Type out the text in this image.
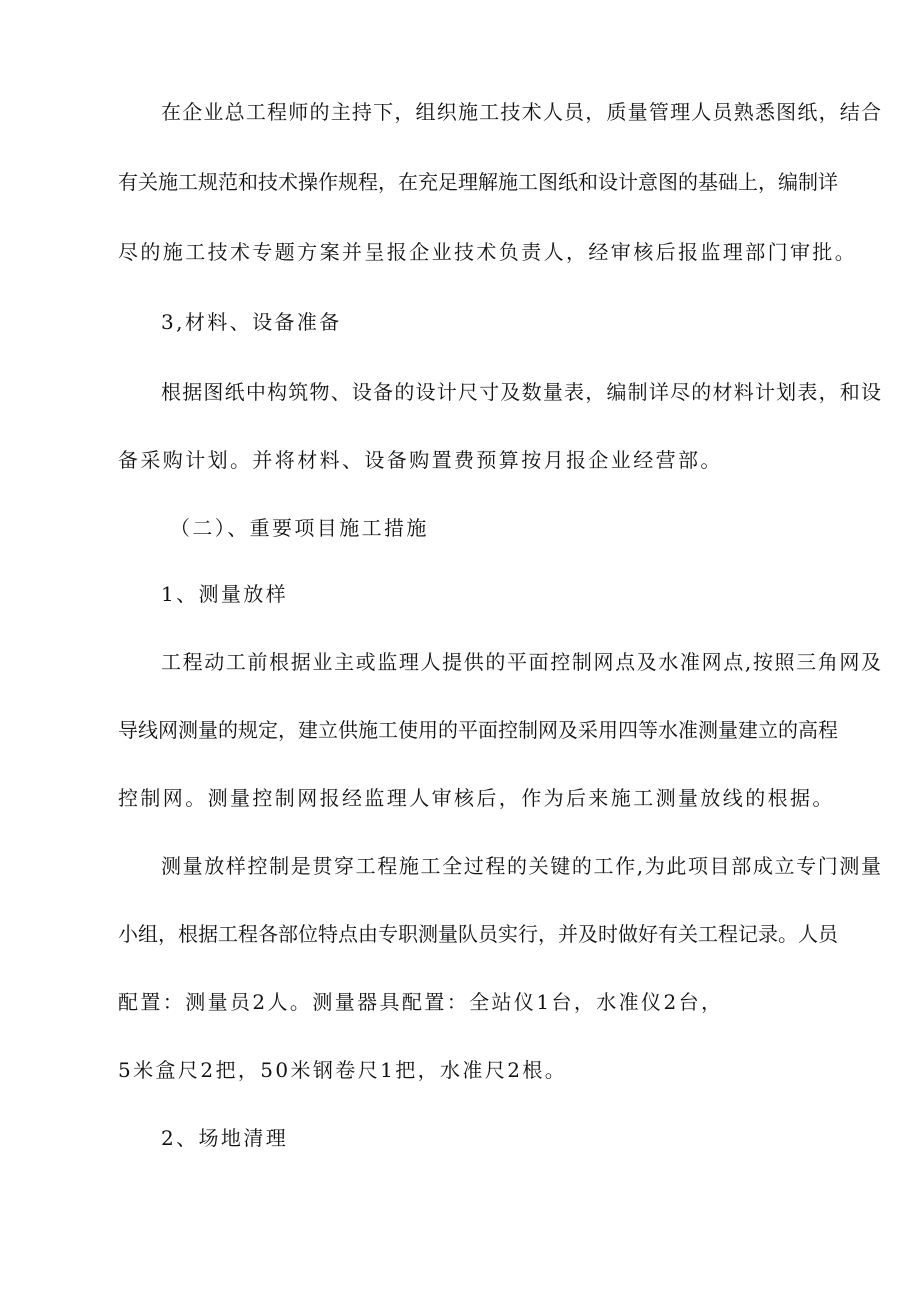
在企业总工程师的主持下，组织施工技术人员，质量管理人员熟悉图纸，结合
有关施工规范和技术操作规程，在充足理解施工图纸和设计意图的基础上，编制详
尽的施工技术专题方案并呈报企业技术负责人，经审核后报监理部门审批。
3,材料、设备准备
根据图纸中构筑物、设备的设计尺寸及数量表，编制详尽的材料计划表，和设
备采购计划。并将材料、设备购置费预算按月报企业经营部。
（二）、重要项目施工措施
1、测量放样
工程动工前根据业主或监理人提供的平面控制网点及水准网点,按照三角网及
导线网测量的规定，建立供施工使用的平面控制网及采用四等水准测量建立的高程
控制网。测量控制网报经监理人审核后，作为后来施工测量放线的根据。
测量放样控制是贯穿工程施工全过程的关键的工作,为此项目部成立专门测量
小组，根据工程各部位特点由专职测量队员实行，并及时做好有关工程记录。人员
配置：测量员2人。测量器具配置：全站仪1台，水准仪2台，
5米盒尺2把，50米钢卷尺1把，水准尺2根。
2、场地清理
